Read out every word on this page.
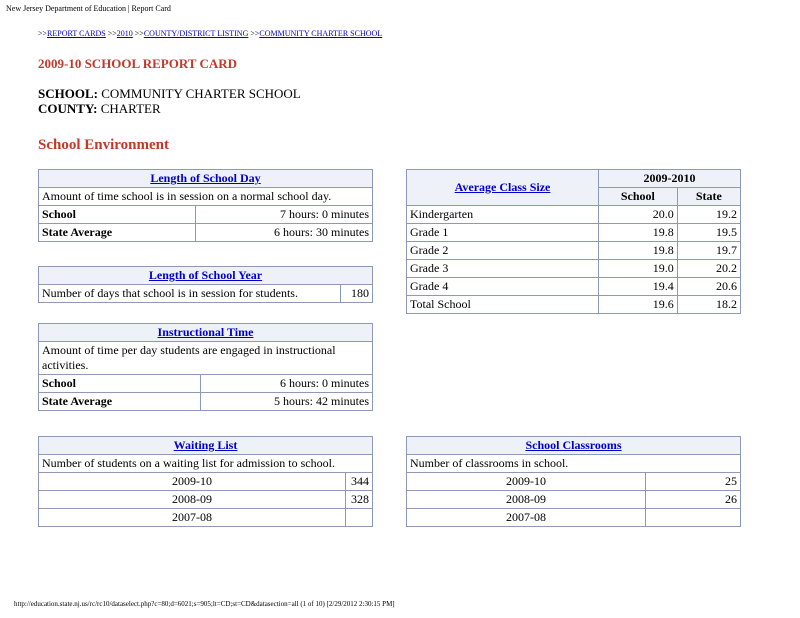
New Jersey Department of Education | Report Card
>>REPORT CARDS >>2010 >>COUNTY/DISTRICT LISTING >>COMMUNITY CHARTER SCHOOL
2009-10 SCHOOL REPORT CARD
SCHOOL: COMMUNITY CHARTER SCHOOL
COUNTY: CHARTER
School Environment
Length of School Day	
Amount of time school is in session on a normal school day.	
School	7 hours: 0 minutes
State Average	6 hours: 30 minutes
Length of School Year
Number of days that school is in session for students.	180
Instructional Time	
Amount of time per day students are engaged in instructional activities.	
School	6 hours: 0 minutes
State Average	5 hours: 42 minutes
Average Class Size	2009-2010	
	School	State
Kindergarten	20.0	19.2
Grade 1	19.8	19.5
Grade 2	19.8	19.7
Grade 3	19.0	20.2
Grade 4	19.4	20.6
Total School	19.6	18.2
Waiting List	
Number of students on a waiting list for admission to school.	
2009-10	344
2008-09	328
2007-08	
School Classrooms	
Number of classrooms in school.	
2009-10	25
2008-09	26
2007-08	
http://education.state.nj.us/rc/rc10/dataselect.php?c=80;d=6021;s=905;lt=CD;st=CD&datasection=all (1 of 10) [2/29/2012 2:30:15 PM]
